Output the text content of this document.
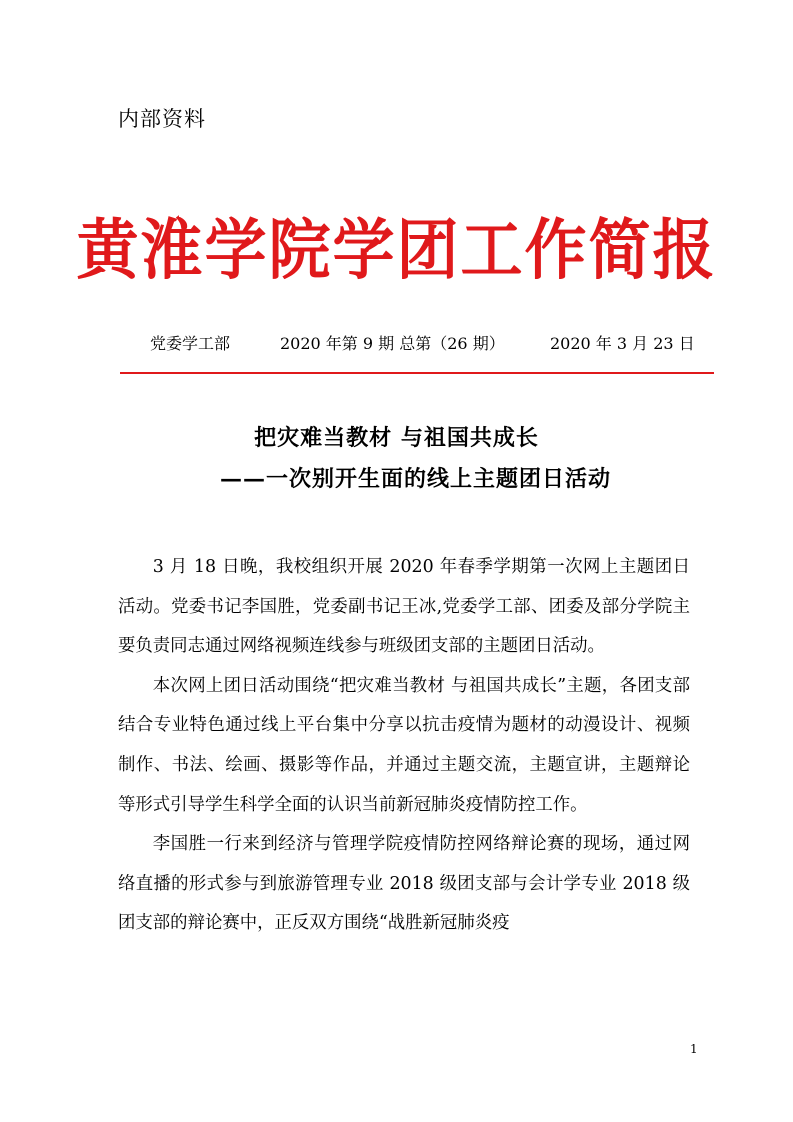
内部资料
黄淮学院学团工作简报
党委学工部	2020 年第 9 期 总第（26 期）	2020 年 3 月 23 日
把灾难当教材 与祖国共成长
——一次别开生面的线上主题团日活动

3 月 18 日晚，我校组织开展 2020 年春季学期第一次网上主题团日活动。党委书记李国胜，党委副书记王冰,党委学工部、团委及部分学院主要负责同志通过网络视频连线参与班级团支部的主题团日活动。

本次网上团日活动围绕“把灾难当教材 与祖国共成长”主题，各团支部结合专业特色通过线上平台集中分享以抗击疫情为题材的动漫设计、视频制作、书法、绘画、摄影等作品，并通过主题交流，主题宣讲，主题辩论等形式引导学生科学全面的认识当前新冠肺炎疫情防控工作。

李国胜一行来到经济与管理学院疫情防控网络辩论赛的现场，通过网络直播的形式参与到旅游管理专业 2018 级团支部与会计学专业 2018 级团支部的辩论赛中，正反双方围绕“战胜新冠肺炎疫

1
